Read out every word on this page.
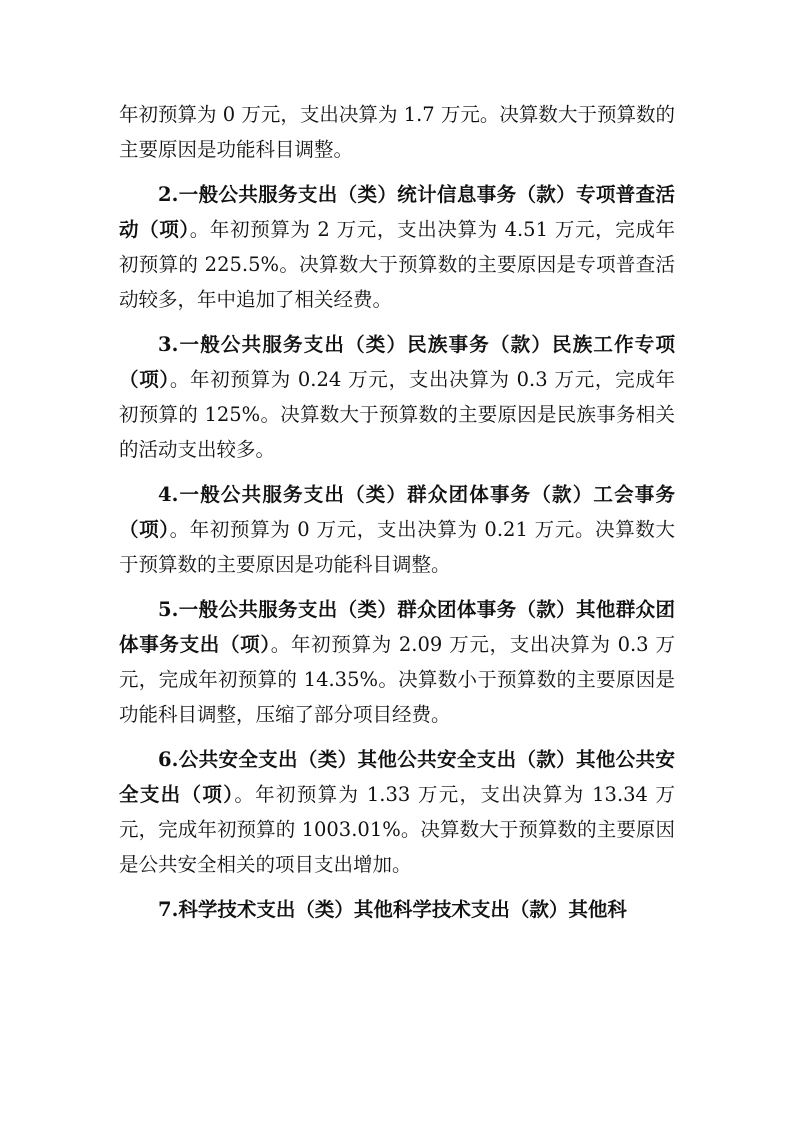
年初预算为 0 万元，支出决算为 1.7 万元。决算数大于预算数的主要原因是功能科目调整。

2.一般公共服务支出（类）统计信息事务（款）专项普查活动（项）。年初预算为 2 万元，支出决算为 4.51 万元，完成年初预算的 225.5%。决算数大于预算数的主要原因是专项普查活动较多，年中追加了相关经费。

3.一般公共服务支出（类）民族事务（款）民族工作专项（项）。年初预算为 0.24 万元，支出决算为 0.3 万元，完成年初预算的 125%。决算数大于预算数的主要原因是民族事务相关的活动支出较多。

4.一般公共服务支出（类）群众团体事务（款）工会事务（项）。年初预算为 0 万元，支出决算为 0.21 万元。决算数大于预算数的主要原因是功能科目调整。

5.一般公共服务支出（类）群众团体事务（款）其他群众团体事务支出（项）。年初预算为 2.09 万元，支出决算为 0.3 万元，完成年初预算的 14.35%。决算数小于预算数的主要原因是功能科目调整，压缩了部分项目经费。

6.公共安全支出（类）其他公共安全支出（款）其他公共安全支出（项）。年初预算为 1.33 万元，支出决算为 13.34 万元，完成年初预算的 1003.01%。决算数大于预算数的主要原因是公共安全相关的项目支出增加。

7.科学技术支出（类）其他科学技术支出（款）其他科
